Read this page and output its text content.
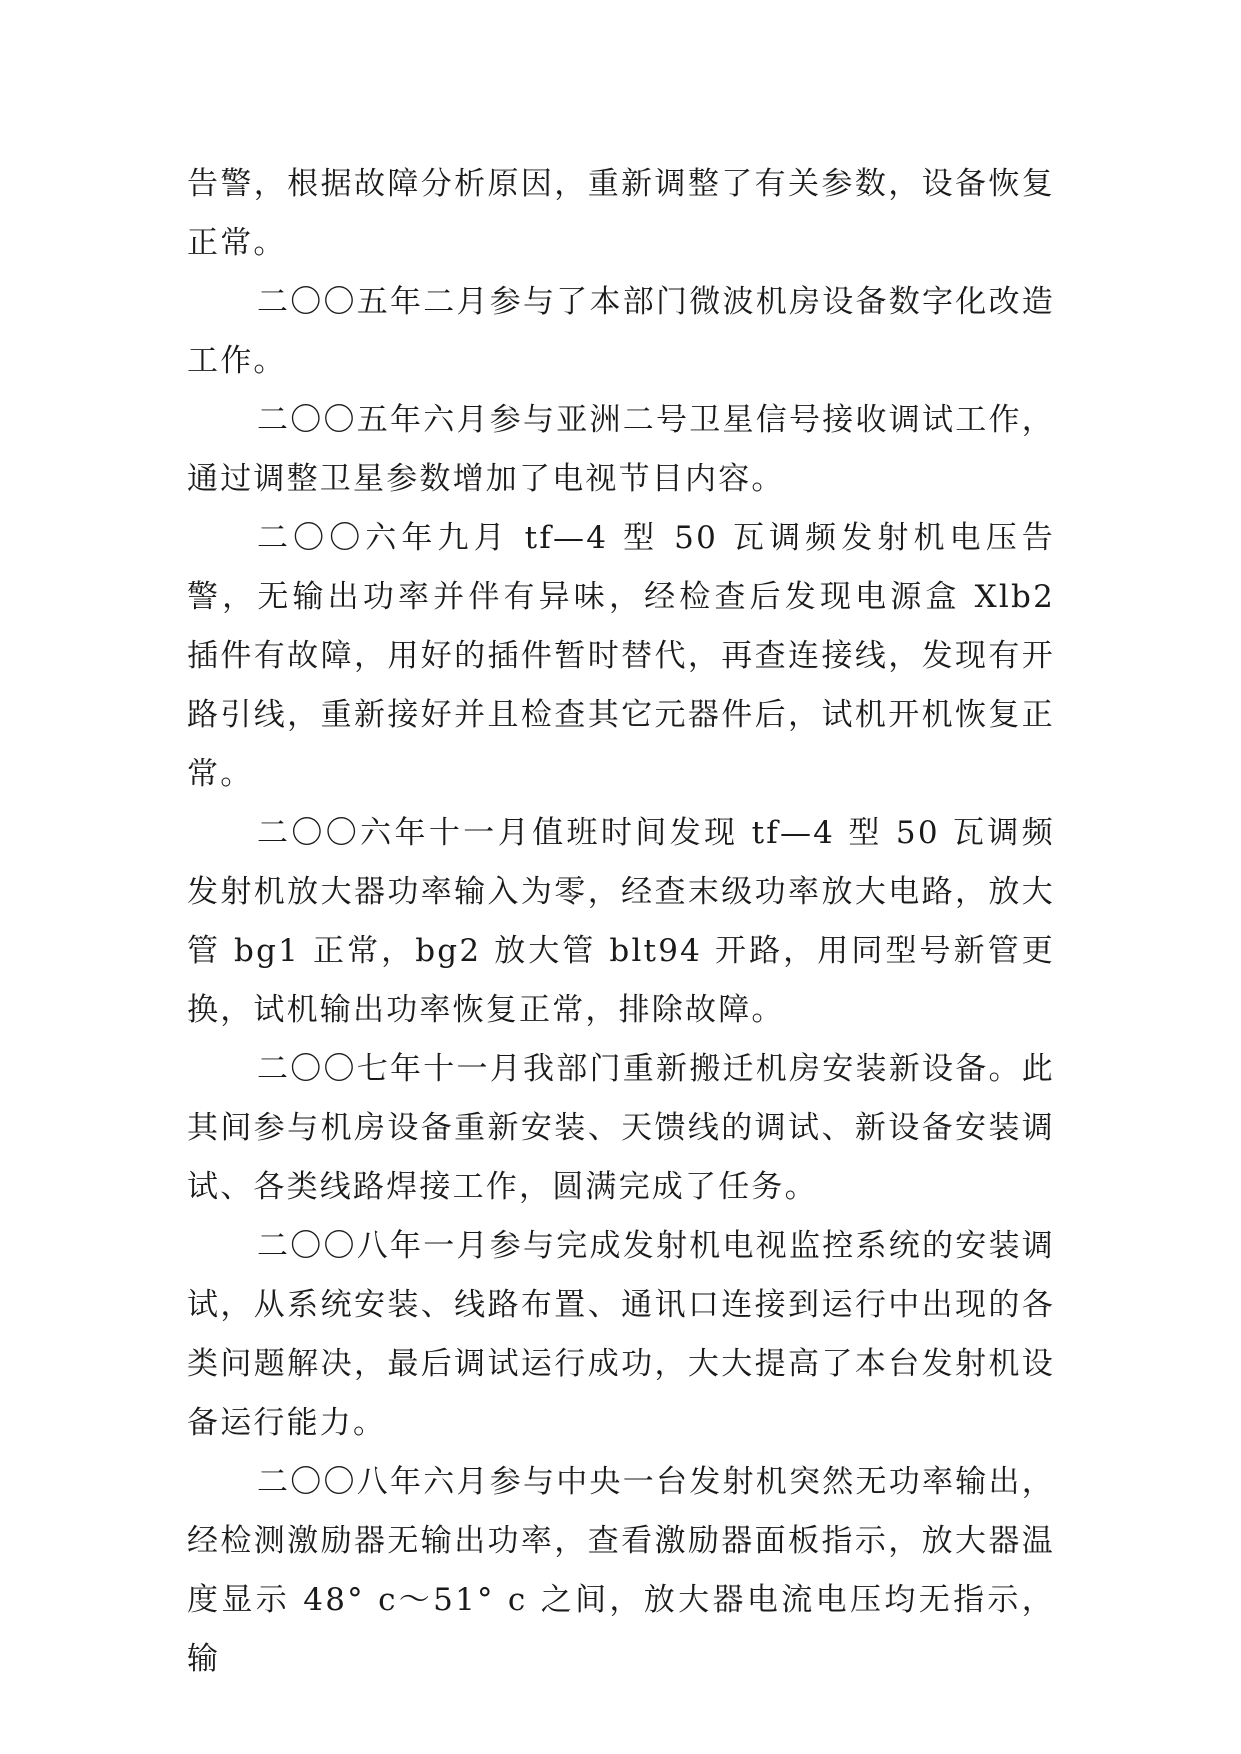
告警，根据故障分析原因，重新调整了有关参数，设备恢复正常。

二〇〇五年二月参与了本部门微波机房设备数字化改造工作。

二〇〇五年六月参与亚洲二号卫星信号接收调试工作，通过调整卫星参数增加了电视节目内容。

二〇〇六年九月 tf—4 型 50 瓦调频发射机电压告警，无输出功率并伴有异味，经检查后发现电源盒 Xlb2 插件有故障，用好的插件暂时替代，再查连接线，发现有开路引线，重新接好并且检查其它元器件后，试机开机恢复正常。

二〇〇六年十一月值班时间发现 tf—4 型 50 瓦调频发射机放大器功率输入为零，经查末级功率放大电路，放大管 bg1 正常，bg2 放大管 blt94 开路，用同型号新管更换，试机输出功率恢复正常，排除故障。

二〇〇七年十一月我部门重新搬迁机房安装新设备。此其间参与机房设备重新安装、天馈线的调试、新设备安装调试、各类线路焊接工作，圆满完成了任务。

二〇〇八年一月参与完成发射机电视监控系统的安装调试，从系统安装、线路布置、通讯口连接到运行中出现的各类问题解决，最后调试运行成功，大大提高了本台发射机设备运行能力。

二〇〇八年六月参与中央一台发射机突然无功率输出，经检测激励器无输出功率，查看激励器面板指示，放大器温度显示 48° c～51° c 之间，放大器电流电压均无指示，输
